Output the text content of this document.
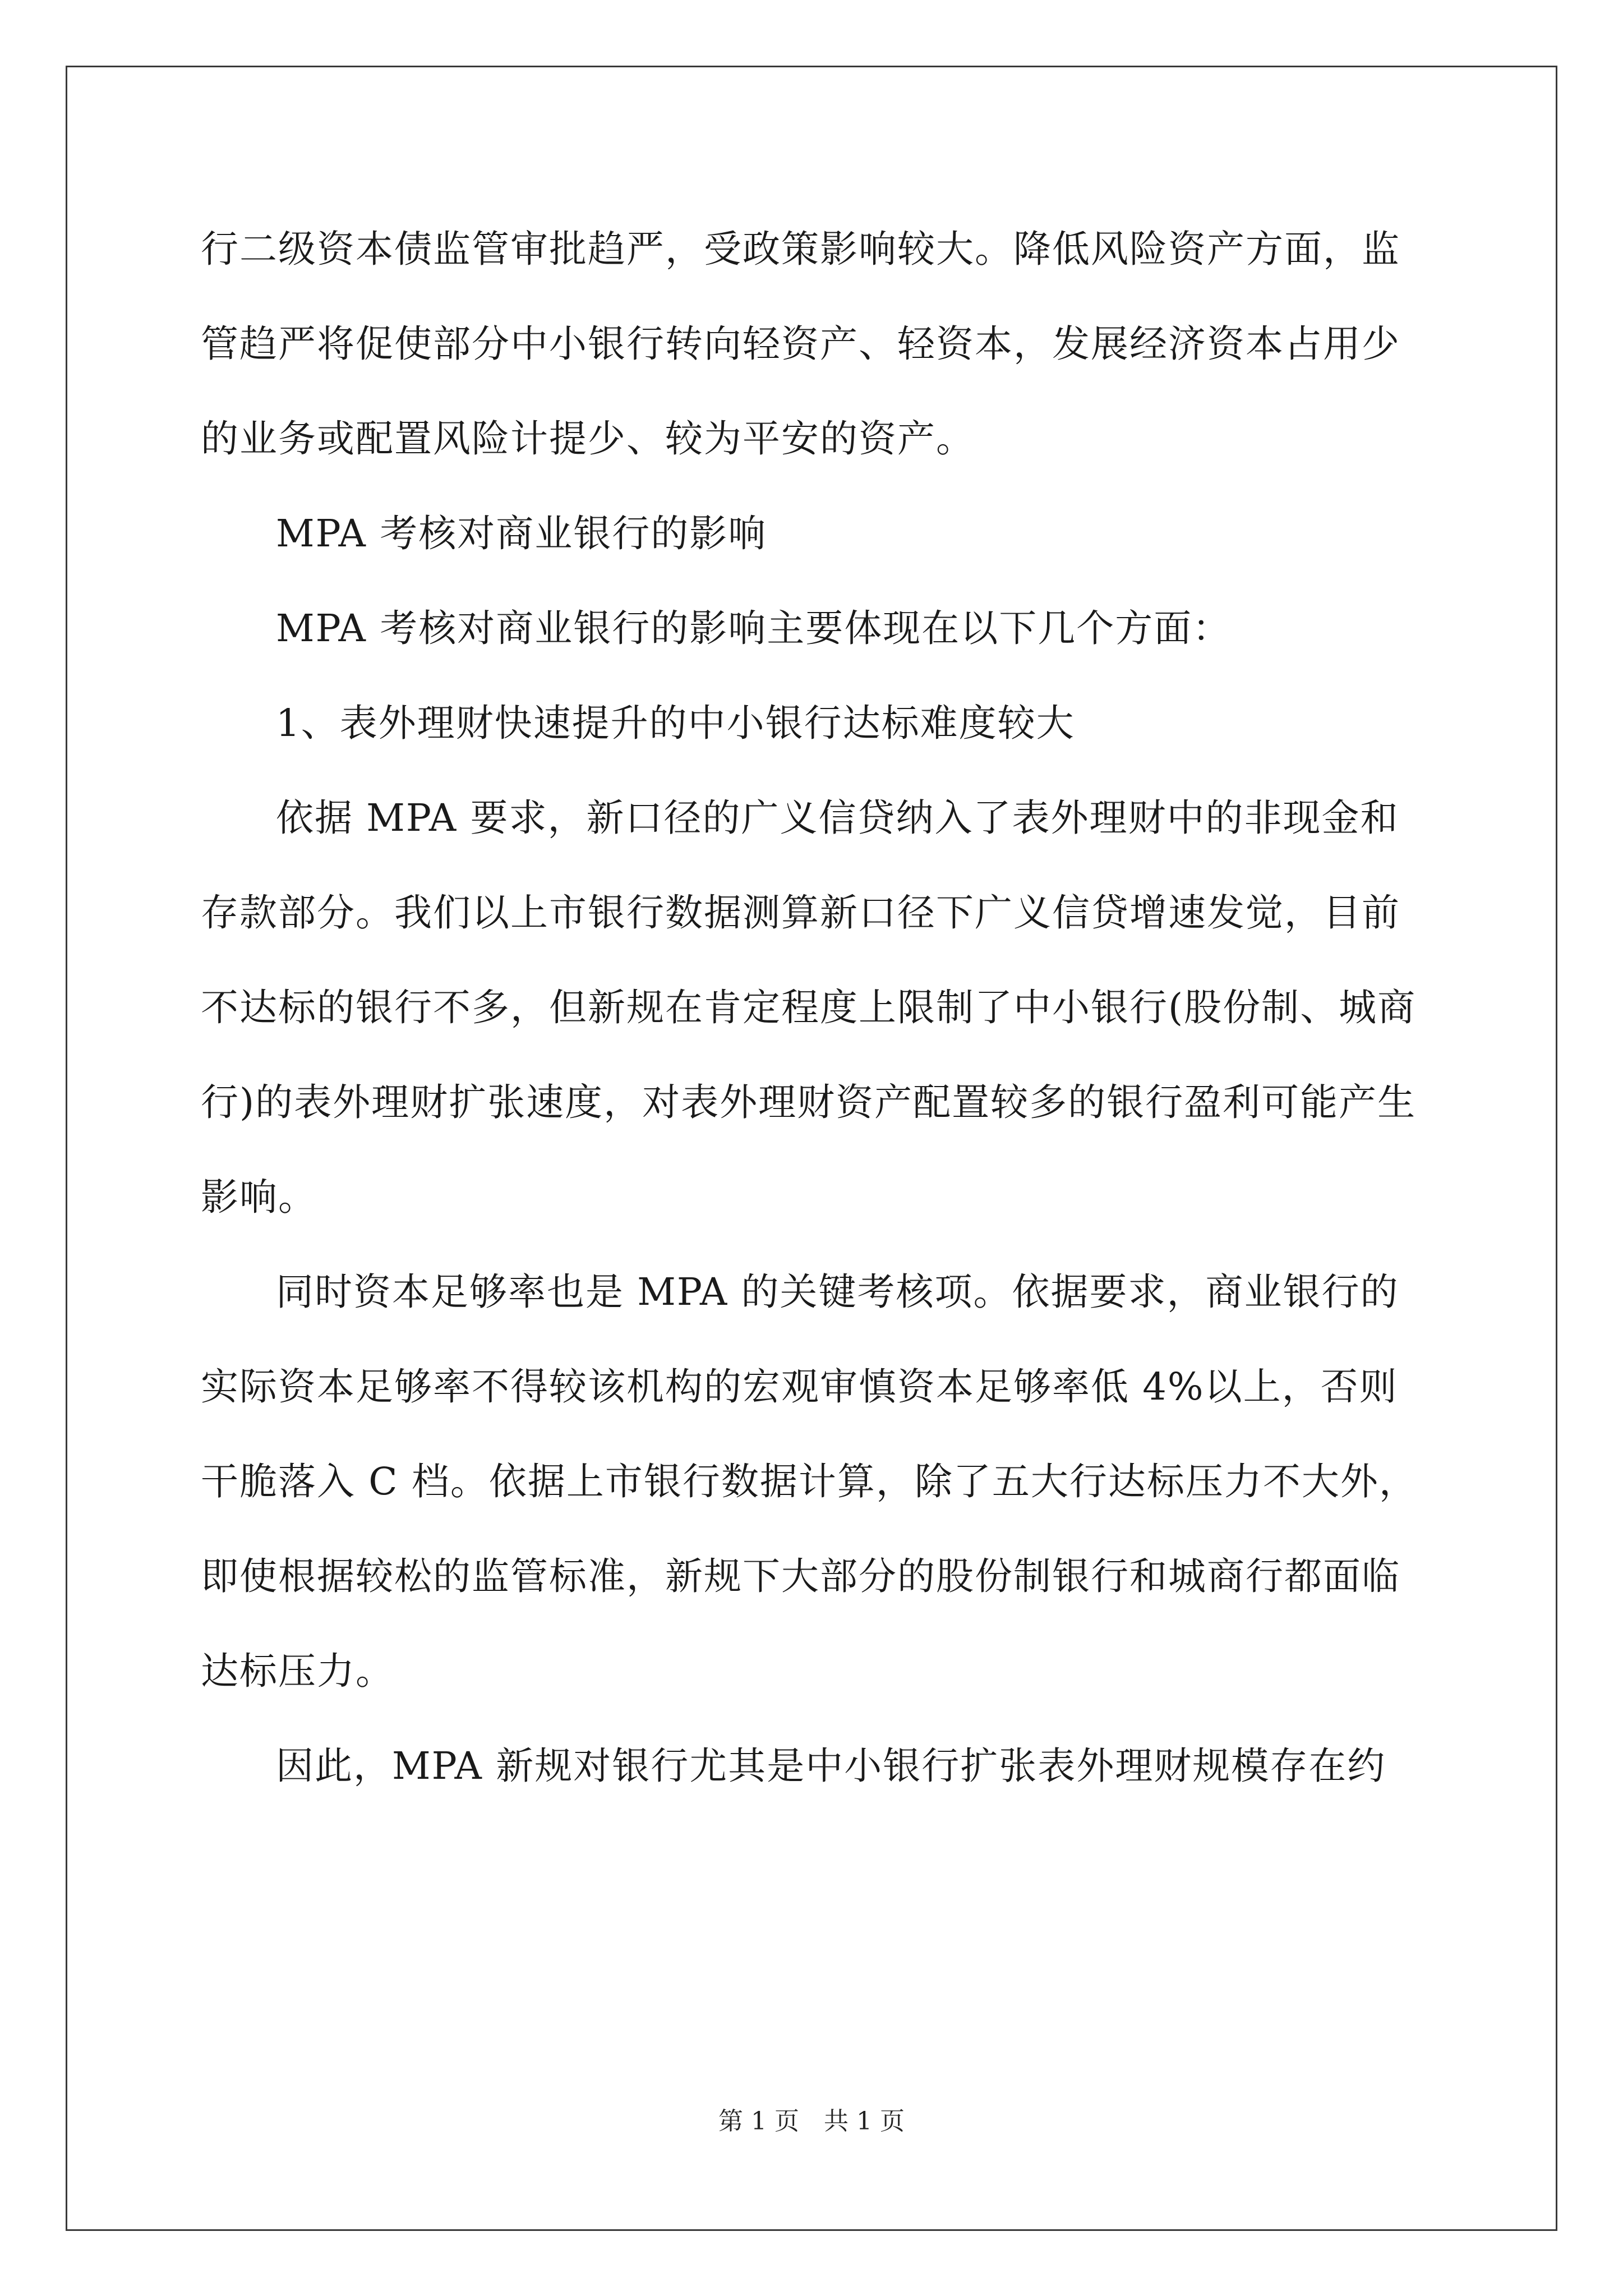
行二级资本债监管审批趋严，受政策影响较大。降低风险资产方面，监管趋严将促使部分中小银行转向轻资产、轻资本，发展经济资本占用少的业务或配置风险计提少、较为平安的资产。

MPA 考核对商业银行的影响

MPA 考核对商业银行的影响主要体现在以下几个方面：

1、表外理财快速提升的中小银行达标难度较大

依据 MPA 要求，新口径的广义信贷纳入了表外理财中的非现金和存款部分。我们以上市银行数据测算新口径下广义信贷增速发觉，目前不达标的银行不多，但新规在肯定程度上限制了中小银行(股份制、城商行)的表外理财扩张速度，对表外理财资产配置较多的银行盈利可能产生影响。

同时资本足够率也是 MPA 的关键考核项。依据要求，商业银行的实际资本足够率不得较该机构的宏观审慎资本足够率低 4%以上，否则干脆落入 C 档。依据上市银行数据计算，除了五大行达标压力不大外，即使根据较松的监管标准，新规下大部分的股份制银行和城商行都面临达标压力。

因此，MPA 新规对银行尤其是中小银行扩张表外理财规模存在约

第 1 页 共 1 页
